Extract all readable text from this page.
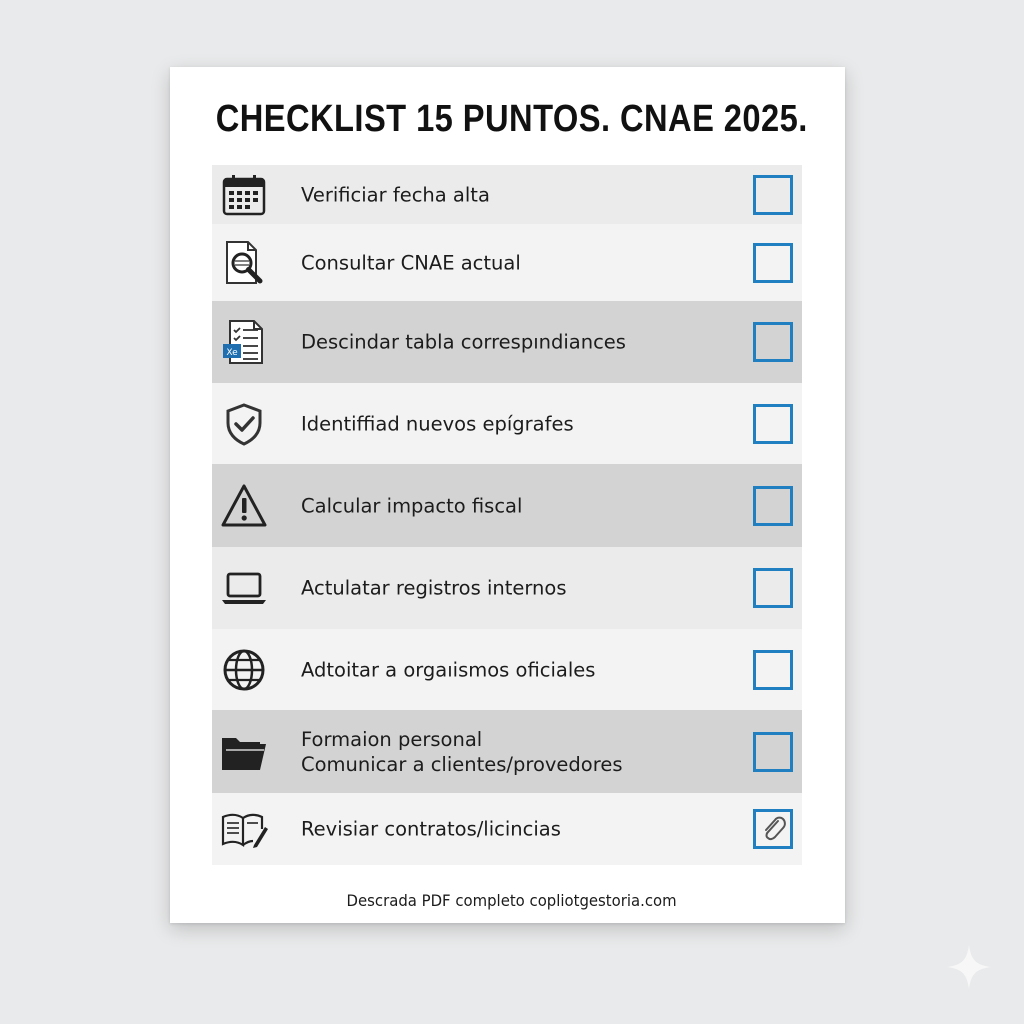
CHECKLIST 15 PUNTOS. CNAE 2025.
Verificiar fecha alta
Consultar CNAE actual
Xe	Descindar tabla correspındiances
Identiffiad nuevos epígrafes
Calcular impacto fiscal
Actulatar registros internos
Adtoitar a orgaıismos oficiales
Formaion personal
Comunicar a clientes/provedores
Revisiar contratos/licincias
Descrada PDF completo copliotgestoria.com
